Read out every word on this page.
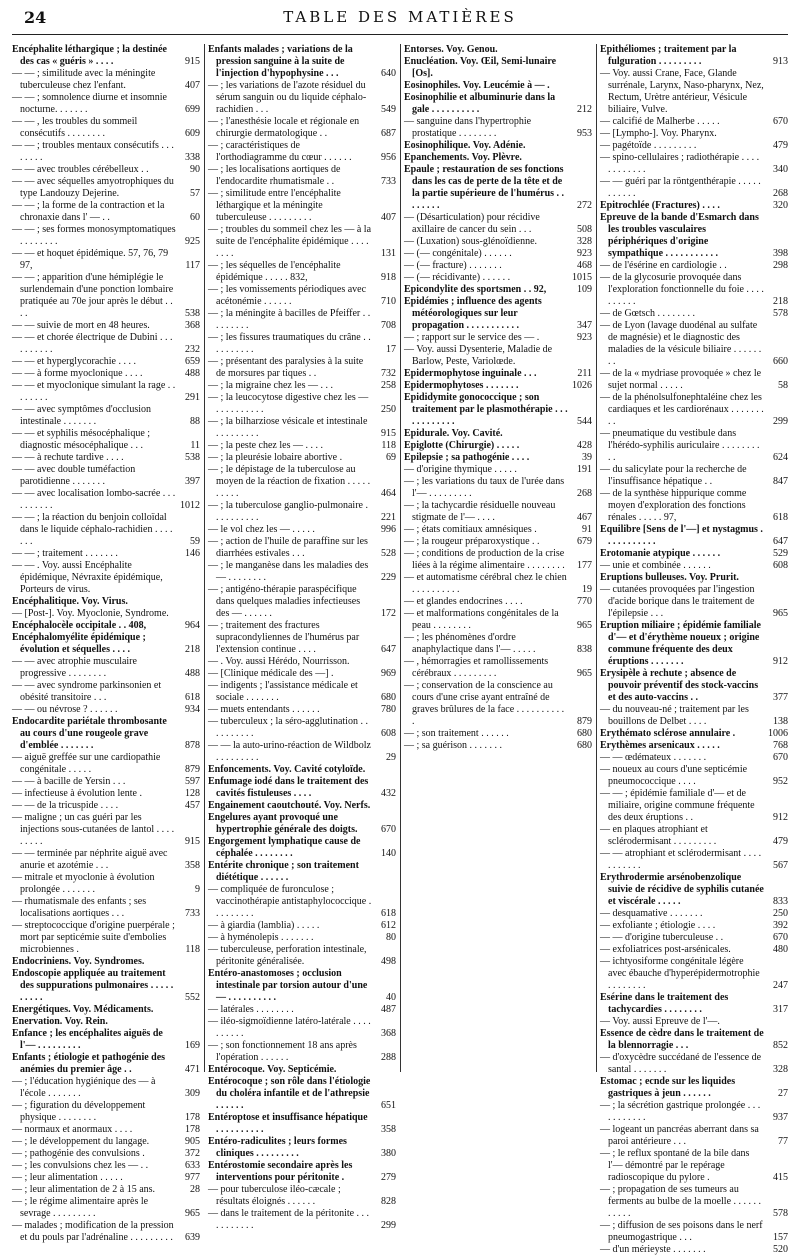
24	TABLE DES MATIÈRES
Encéphalite léthargique ; la destinée des cas « guéris » . . . .	915
— — ; similitude avec la méningite tuberculeuse chez l'enfant.	407
— — ; somnolence diurne et insomnie nocturne. . . . . . .	699
— — , les troubles du sommeil consécutifs . . . . . . . .	609
— — ; troubles mentaux consécutifs . . . . . . . .	338
— — avec troubles cérébelleux . .	90
— — avec séquelles amyotrophiques du type Landouzy Dejerine.	57
— — ; la forme de la contraction et la chronaxie dans l' — . .	60
— — ; ses formes monosymptomatiques . . . . . . . .	925
— — et hoquet épidémique. 57, 76, 79 97,	117
— — ; apparition d'une hémiplégie le surlendemain d'une ponction lombaire pratiquée au 70e jour après le début . . . .	538
— — suivie de mort en 48 heures.	368
— — et chorée électrique de Dubini . . . . . . . . . .	232
— — et hyperglycorachie . . . .	659
— — à forme myoclonique . . . .	488
— — et myoclonique simulant la rage . . . . . . . .	291
— — avec symptômes d'occlusion intestinale . . . . . . .	88
— — et syphilis mésocéphalique ; diagnostic mésocéphalique . . .	11
— — à rechute tardive . . . .	538
— — avec double tuméfaction parotidienne . . . . . . .	397
— — avec localisation lombo-sacrée . . . . . . . . . .	1012
— — ; la réaction du benjoin colloïdal dans le liquide céphalo-rachidien . . . . . . .	59
— — ; traitement . . . . . . .	146
— — . Voy. aussi Encéphalite épidémique, Névraxite épidémique, Porteurs de virus.
Encéphalitique. Voy. Virus.
— [Post-]. Voy. Myoclonie, Syndrome.
Encéphalocèle occipitale . . 408,	964
Encéphalomyélite épidémique ; évolution et séquelles . . . .	218
— — avec atrophie musculaire progressive . . . . . . . .	488
— — avec syndrome parkinsonien et obésité transitoire . . .	618
— — ou névrose ? . . . . . .	934
Endocardite pariétale thrombosante au cours d'une rougeole grave d'emblée . . . . . . .	878
— aiguë greffée sur une cardiopathie congénitale . . . . .	879
— — à bacille de Yersin . . .	597
— infectieuse à évolution lente .	128
— — de la tricuspide . . . .	457
— maligne ; un cas guéri par les injections sous-cutanées de lantol . . . . . . . . .	915
— — terminée par néphrite aiguë avec anurie et azotémie . . .	358
— mitrale et myoclonie à évolution prolongée . . . . . . .	9
— rhumatismale des enfants ; ses localisations aortiques . . .	733
— streptococcique d'origine puerpérale ; mort par septicémie suite d'embolies microbiennes .	118
Endocriniens. Voy. Syndromes.
Endoscopie appliquée au traitement des suppurations pulmonaires . . . . . . . . . .	552
Energétiques. Voy. Médicaments.
Enervation. Voy. Rein.
Enfance ; les encéphalites aiguës de l'— . . . . . . . . .	169
Enfants ; étiologie et pathogénie des anémies du premier âge . .	471
— ; l'éducation hygiénique des — à l'école . . . . . . .	309
— ; figuration du développement physique . . . . . . . .	178
— normaux et anormaux . . . .	178
— ; le développement du langage.	905
— ; pathogénie des convulsions .	372
— ; les convulsions chez les — . .	633
— ; leur alimentation . . . . .	977
— ; leur alimentation de 2 à 15 ans.	28
— ; le régime alimentaire après le sevrage . . . . . . . . .	965
— malades ; modification de la pression et du pouls par l'adrénaline . . . . . . . . . 639
Enfants malades ; variations de la pression sanguine à la suite de l'injection d'hypophysine . . .	640
— ; les variations de l'azote résiduel du sérum sanguin ou du liquide céphalo-rachidien . . .	549
— ; l'anesthésie locale et régionale en chirurgie dermatologique . .	687
— ; caractéristiques de l'orthodiagramme du cœur . . . . . .	956
— ; les localisations aortiques de l'endocardite rhumatismale . .	733
— ; similitude entre l'encéphalite léthargique et la méningite tuberculeuse . . . . . . . . .	407
— ; troubles du sommeil chez les — à la suite de l'encéphalite épidémique . . . . . . . .	131
— ; les séquelles de l'encéphalite épidémique . . . . . 832,	918
— ; les vomissements périodiques avec acétonémie . . . . . .	710
— ; la méningite à bacilles de Pfeiffer . . . . . . . . .	708
— ; les fissures traumatiques du crâne . . . . . . . . . .	17
— ; présentant des paralysies à la suite de morsures par tiques . .	732
— ; la migraine chez les — . . .	258
— ; la leucocytose digestive chez les — . . . . . . . . . .	250
— ; la bilharziose vésicale et intestinale . . . . . . . . .	915
— ; la peste chez les — . . . .	118
— ; la pleurésie lobaire abortive .	69
— ; le dépistage de la tuberculose au moyen de la réaction de fixation . . . . . . . . . .	464
— ; la tuberculose ganglio-pulmonaire . . . . . . . . . .	221
— le vol chez les — . . . . .	996
— ; action de l'huile de paraffine sur les diarrhées estivales . . .	528
— ; le manganèse dans les maladies des — . . . . . . . .	229
— ; antigéno-thérapie paraspécifique dans quelques maladies infectieuses des — . . . . . .	172
— ; traitement des fractures supracondyliennes de l'humérus par l'extension continue . . . .	647
— . Voy. aussi Hérédo, Nourrisson.
— [Clinique médicale des —] .	969
— indigents ; l'assistance médicale et sociale . . . . . . .	680
— muets entendants . . . . . .	780
— tuberculeux ; la séro-agglutination . . . . . . . . . .	608
— — la auto-urino-réaction de Wildbolz . . . . . . . . .	29
Enfoncements. Voy. Cavité cotyloïde.
Enfumage iodé dans le traitement des cavités fistuleuses . . . .	432
Engainement caoutchouté. Voy. Nerfs.
Engelures ayant provoqué une hypertrophie générale des doigts. 670
Engorgement lymphatique cause de céphalée . . . . . . . .	140
Entérite chronique ; son traitement diététique . . . . . .
— compliquée de furonculose ; vaccinothérapie antistaphylococcique . . . . . . . . .	618
— à giardia (lamblia) . . . . .	612
— à hyménolepis . . . . . . .	80
— tuberculeuse, perforation intestinale, péritonite généralisée.	498
Entéro-anastomoses ; occlusion intestinale par torsion autour d'une — . . . . . . . . . .	40
— latérales . . . . . . . .	487
— iléo-sigmoïdienne latéro-latérale . . . . . . . . . .	368
— ; son fonctionnement 18 ans après l'opération . . . . . .	288
Entérocoque. Voy. Septicémie.
Entérocoque ; son rôle dans l'étiologie du choléra infantile et de l'athrepsie . . . . . .	651
Entéroptose et insuffisance hépatique . . . . . . . . . .	358
Entéro-radiculites ; leurs formes cliniques . . . . . . . . .	380
Entérostomie secondaire après les interventions pour péritonite .	279
— pour tuberculose iléo-cæcale ; résultats éloignés . . . . . .	828
— dans le traitement de la péritonite . . . . . . . . . . .	299
Entorses. Voy. Genou.
Enucléation. Voy. Œil, Semi-lunaire [Os].
Eosinophiles. Voy. Leucémie à — .
Eosinophilie et albuminurie dans la gale . . . . . . . . . .	212
— sanguine dans l'hypertrophie prostatique . . . . . . . .	953
Eosinophilique. Voy. Adénie.
Epanchements. Voy. Plèvre.
Epaule ; restauration de ses fonctions dans les cas de perte de la tête et de la partie supérieure de l'humérus . . . . . . . .	272
— (Désarticulation) pour récidive axillaire de cancer du sein . . .	508
— (Luxation) sous-glénoïdienne.	328
— (— congénitale) . . . . . .	923
— (— fracture) . . . . . . .	468
— (— récidivante) . . . . . .	1015
Epicondylite des sportsmen . . 92,	109
Epidémies ; influence des agents météorologiques sur leur propagation . . . . . . . . . . .	347
— ; rapport sur le service des — .	923
— Voy. aussi Dysenterie, Maladie de Barlow, Peste, Variolœde.
Epidermophytose inguinale . . .	211
Epidermophytoses . . . . . . .	1026
Epididymite gonococcique ; son traitement par le plasmothérapie . . . . . . . . . . . .	544
Epidurale. Voy. Cavité.
Epiglotte (Chirurgie) . . . . .	428
Epilepsie ; sa pathogénie . . . .	39
— d'origine thymique . . . . .	191
— ; les variations du taux de l'urée dans l'— . . . . . . . . .	268
— ; la tachycardie résiduelle nouveau stigmate de l'— . . . .	467
— ; états comitiaux amnésiques .	91
— ; la rougeur préparoxystique . .	679
— ; conditions de production de la crise liées à la régime alimentaire . . . . . . . . 177
— et automatisme cérébral chez le chien . . . . . . . . . .	19
— et glandes endocrines . . . .	770
— et malformations congénitales de la peau . . . . . . . .	965
— ; les phénomènes d'ordre anaphylactique dans l'— . . . . .	838
— , hémorragies et ramollissements cérébraux . . . . . . . . .	965
— ; conservation de la conscience au cours d'une crise ayant entraîné de graves brûlures de la face . . . . . . . . . . .	879
— ; son traitement . . . . . .	680
— ; sa guérison . . . . . . .	680
Epithéliomes ; traitement par la fulguration . . . . . . . . .	913
— Voy. aussi Crane, Face, Glande surrénale, Larynx, Naso-pharynx, Nez, Rectum, Urètre antérieur, Vésicule biliaire, Vulve.
— calcifié de Malherbe . . . . .	670
— [Lympho-]. Voy. Pharynx.
— pagétoïde . . . . . . . . .	479
— spino-cellulaires ; radiothérapie . . . . . . . . . . . .	340
— — guéri par la röntgenthérapie . . . . . . . . . . .	268
Epitrochlée (Fractures) . . . .	320
Epreuve de la bande d'Esmarch dans les troubles vasculaires périphériques d'origine sympathique . . . . . . . . . . .	398
— de l'ésérine en cardiologie . .	298
— de la glycosurie provoquée dans l'exploration fonctionnelle du foie . . . . . . . . . .	218
— de Gœtsch . . . . . . . .	578
— de Lyon (lavage duodénal au sulfate de magnésie) et le diagnostic des maladies de la vésicule biliaire . . . . . . . .	660
— de la « mydriase provoquée » chez le sujet normal . . . . .	58
— de la phénolsulfonephtaléine chez les cardiaques et les cardiorénaux . . . . . . . . .	299
— pneumatique du vestibule dans l'hérédo-syphilis auriculaire . . . . . . . . . .	624
— du salicylate pour la recherche de l'insuffisance hépatique . .	847
— de la synthèse hippurique comme moyen d'exploration des fonctions rénales . . . . . 97,	618
Equilibre [Sens de l'—] et nystagmus . . . . . . . . . . .	647
Erotomanie atypique . . . . . .	529
— unie et combinée . . . . . .	608
Eruptions bulleuses. Voy. Prurit.
— cutanées provoquées par l'ingestion d'acide borique dans le traitement de l'épilepsie . . .	965
Eruption miliaire ; épidémie familiale d'— et d'érythème noueux ; origine commune fréquente des deux éruptions . . . . . . .	912
Erysipèle à rechute ; absence de pouvoir préventif des stock-vaccins et des auto-vaccins . .	377
— du nouveau-né ; traitement par les bouillons de Delbet . . . .	138
Erythémato sclérose annulaire .	1006
Erythèmes arsenicaux . . . . .	768
— — œdémateux . . . . . . .	670
— noueux au cours d'une septicémie pneumococcique . . . .	952
— — ; épidémie familiale d'— et de miliaire, origine commune fréquente des deux éruptions . .	912
— en plaques atrophiant et sclérodermisant . . . . . . . . .	479
— — atrophiant et sclérodermisant . . . . . . . . . . .	567
Erythrodermie arsénobenzolique suivie de récidive de syphilis cutanée et viscérale . . . . .	833
— desquamative . . . . . . .	250
— exfoliante ; étiologie . . . .	392
— — d'origine tuberculeuse . .	670
— exfoliatrices post-arsénicales.	480
— ichtyosiforme congénitale légère avec ébauche d'hyperépidermotrophie . . . . . . . .	247
Esérine dans le traitement des tachycardies . . . . . . . .	317
— Voy. aussi Epreuve de l'—.
Essence de cèdre dans le traitement de la blennorragie . . .	852
— d'oxycèdre succédané de l'essence de santal . . . . . . .	328
Estomac ; ecnde sur les liquides gastriques à jeun . . . . . .	27
— ; la sécrétion gastrique prolongée . . . . . . . . . . .	937
— logeant un pancréas aberrant dans sa paroi antérieure . . .	77
— ; le reflux spontané de la bile dans l'— démontré par le repérage radioscopique du pylore .	415
— ; propagation de ses tumeurs au ferments au bulbe de la moelle . . . . . . . . . . .	578
— ; diffusion de ses poisons dans le nerf pneumogastrique . . .	157
— d'un mérieyste . . . . . . .	520
